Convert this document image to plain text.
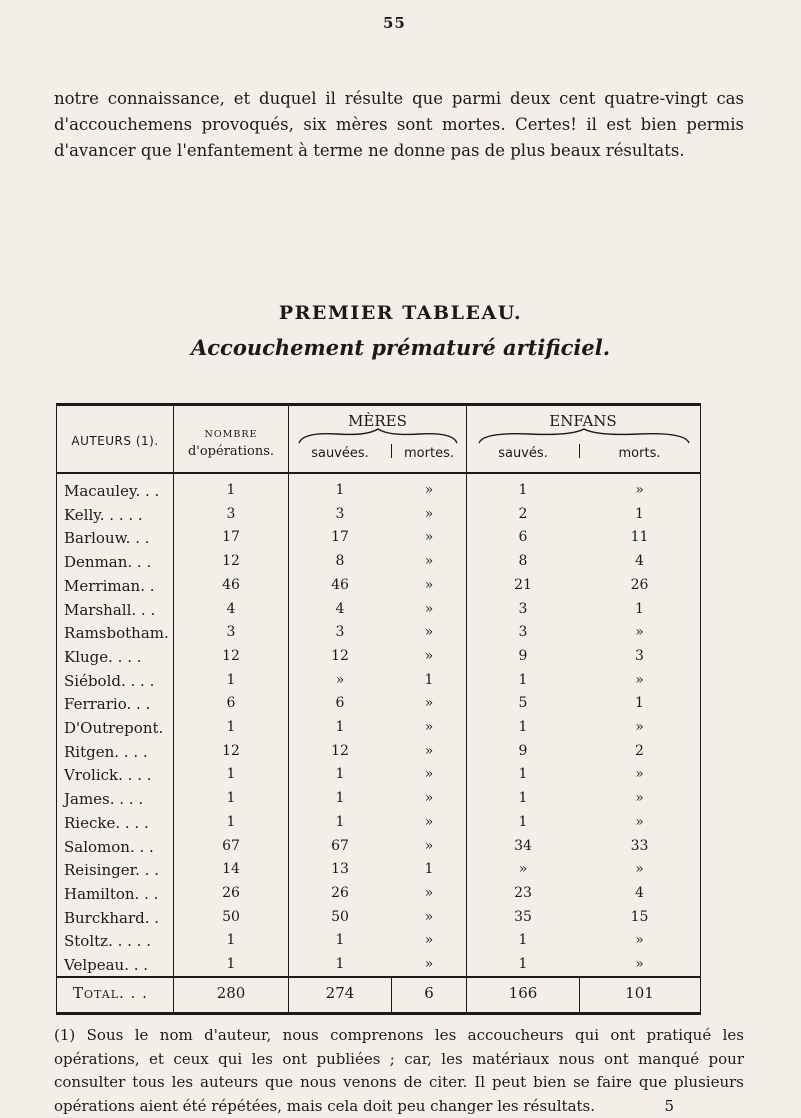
55
notre connaissance, et duquel il résulte que parmi deux cent quatre-vingt cas d'accouchemens provoqués, six mères sont mortes. Certes! il est bien permis d'avancer que l'enfantement à terme ne donne pas de plus beaux résultats.
PREMIER TABLEAU.
Accouchement prématuré artificiel.
AUTEURS (1).	NOMBRE
d'opérations.
MÈRES
sauvées.	mortes.
ENFANS
sauvés.	morts.
Macauley. . .	1	1	»	1	»
Kelly. . . . .	3	3	»	2	1
Barlouw. . .	17	17	»	6	11
Denman. . .	12	8	»	8	4
Merriman. .	46	46	»	21	26
Marshall. . .	4	4	»	3	1
Ramsbotham.	3	3	»	3	»
Kluge. . . .	12	12	»	9	3
Siébold. . . .	1	»	1	1	»
Ferrario. . .	6	6	»	5	1
D'Outrepont.	1	1	»	1	»
Ritgen. . . .	12	12	»	9	2
Vrolick. . . .	1	1	»	1	»
James. . . .	1	1	»	1	»
Riecke. . . .	1	1	»	1	»
Salomon. . .	67	67	»	34	33
Reisinger. . .	14	13	1	»	»
Hamilton. . .	26	26	»	23	4
Burckhard. .	50	50	»	35	15
Stoltz. . . . .	1	1	»	1	»
Velpeau. . .	1	1	»	1	»
Total. . .	280	274	6	166	101
(1) Sous le nom d'auteur, nous comprenons les accoucheurs qui ont pratiqué les opérations, et ceux qui les ont publiées ; car, les matériaux nous ont manqué pour consulter tous les auteurs que nous venons de citer. Il peut bien se faire que plusieurs opérations aient été répétées, mais cela doit peu changer les résultats.	5
